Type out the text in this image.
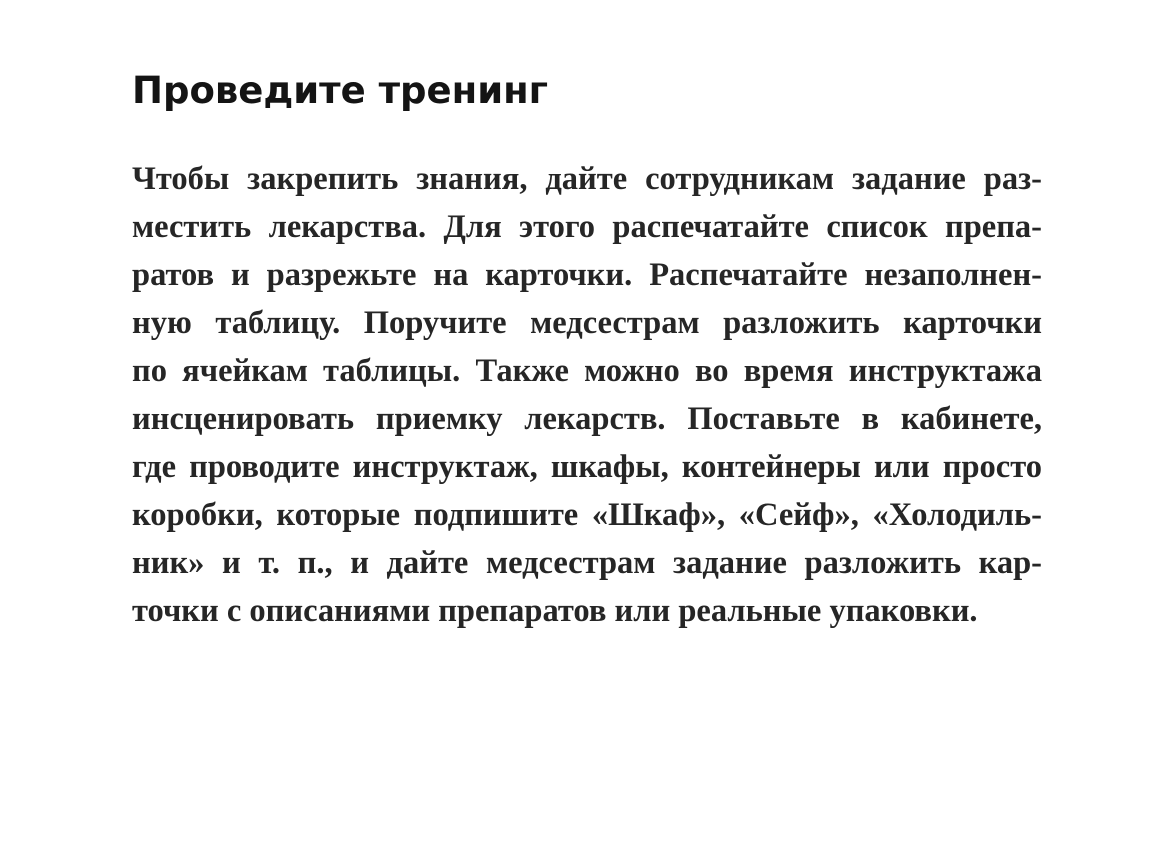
Проведите тренинг
Чтобы закрепить знания, дайте сотрудникам задание раз-
местить лекарства. Для этого распечатайте список препа-
ратов и разрежьте на карточки. Распечатайте незаполнен-
ную таблицу. Поручите медсестрам разложить карточки
по ячейкам таблицы. Также можно во время инструктажа
инсценировать приемку лекарств. Поставьте в кабинете,
где проводите инструктаж, шкафы, контейнеры или просто
коробки, которые подпишите «Шкаф», «Сейф», «Холодиль-
ник» и т. п., и дайте медсестрам задание разложить кар-
точки с описаниями препаратов или реальные упаковки.
